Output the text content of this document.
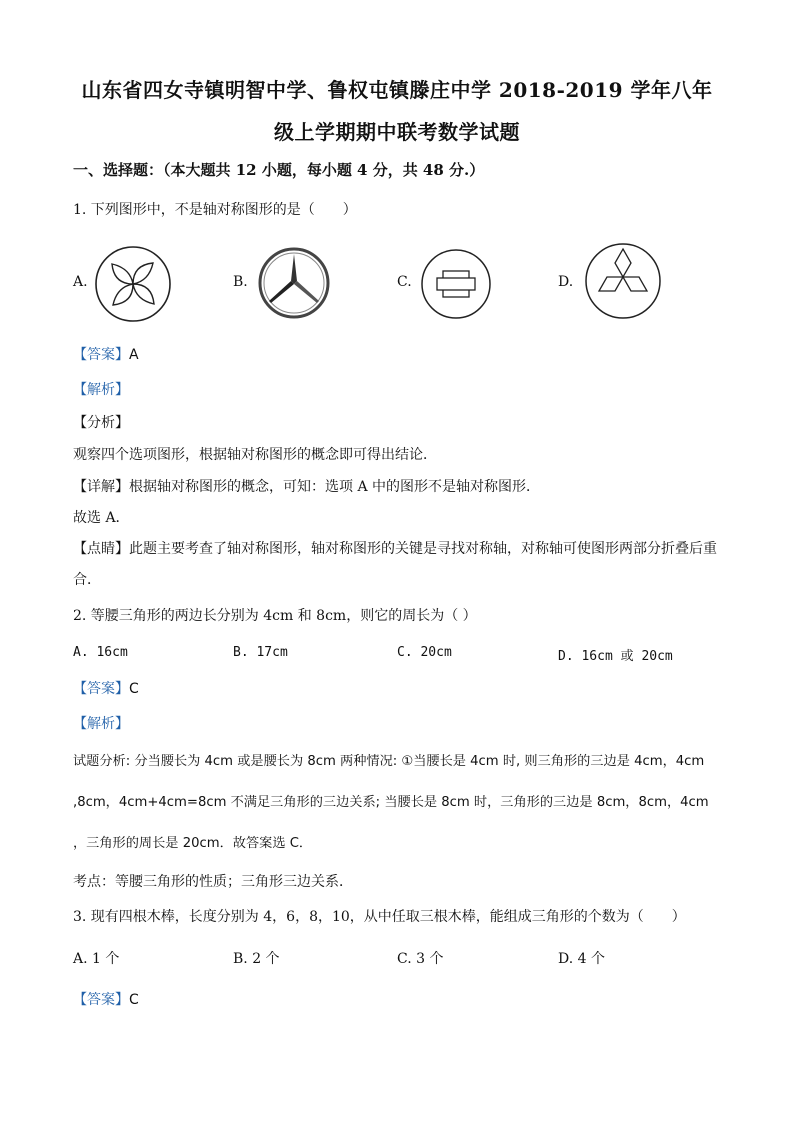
山东省四女寺镇明智中学、鲁权屯镇滕庄中学 2018-2019 学年八年
级上学期期中联考数学试题
一、选择题：（本大题共 12 小题，每小题 4 分，共 48 分.）
1. 下列图形中，不是轴对称图形的是（　　）
A.	B.	C.	D.
【答案】A
【解析】
【分析】
观察四个选项图形，根据轴对称图形的概念即可得出结论．
【详解】根据轴对称图形的概念，可知：选项 A 中的图形不是轴对称图形．
故选 A．
【点睛】此题主要考查了轴对称图形，轴对称图形的关键是寻找对称轴，对称轴可使图形两部分折叠后重
合．
2. 等腰三角形的两边长分别为 4cm 和 8cm，则它的周长为（ ）
A. 16cm	B. 17cm	C. 20cm	D. 16cm 或 20cm
【答案】C
【解析】
试题分析: 分当腰长为 4cm 或是腰长为 8cm 两种情况: ①当腰长是 4cm 时, 则三角形的三边是 4cm，4cm
,8cm，4cm+4cm=8cm 不满足三角形的三边关系; 当腰长是 8cm 时，三角形的三边是 8cm，8cm，4cm
，三角形的周长是 20cm．故答案选 C．
考点：等腰三角形的性质；三角形三边关系．
3. 现有四根木棒，长度分别为 4，6，8，10，从中任取三根木棒，能组成三角形的个数为（　　）
A. 1 个	B. 2 个	C. 3 个	D. 4 个
【答案】C
